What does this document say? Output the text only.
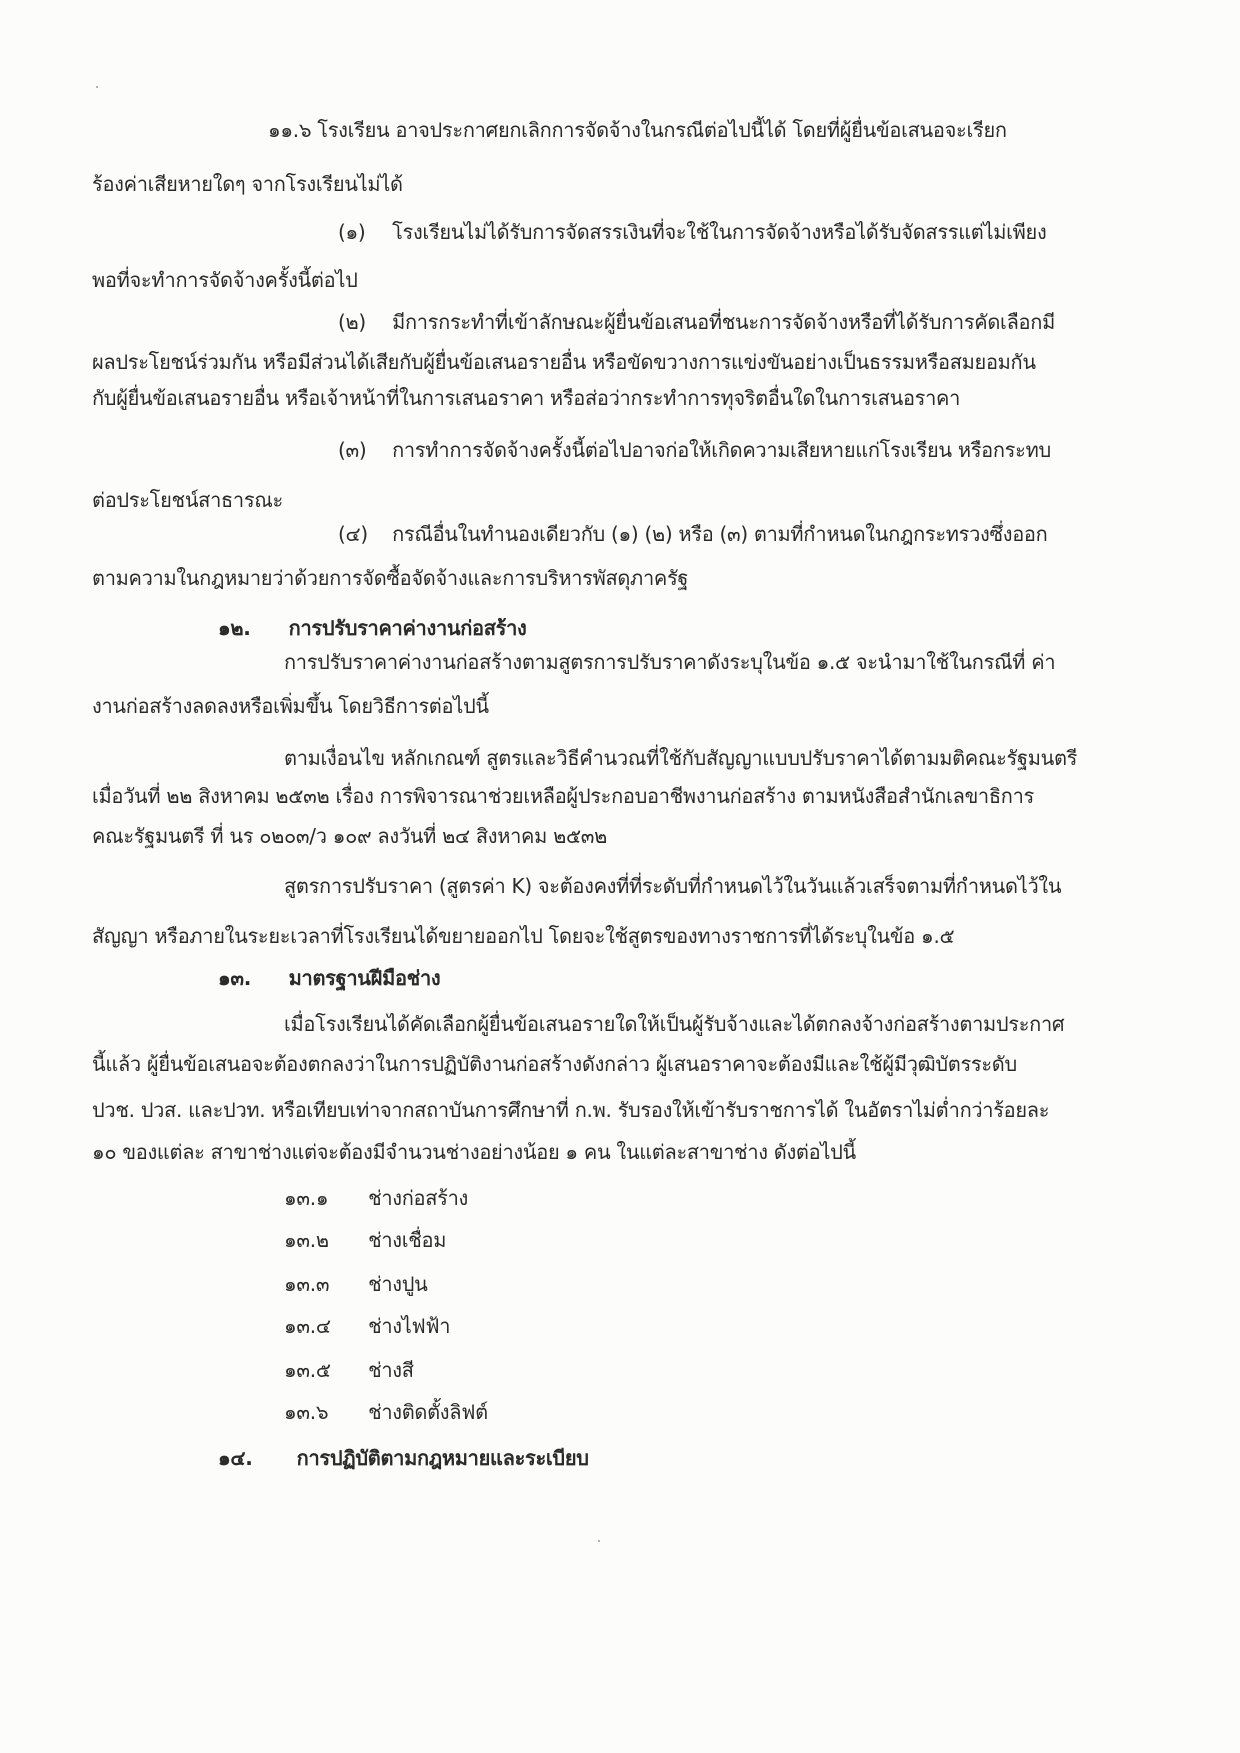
๑๑.๖ โรงเรียน อาจประกาศยกเลิกการจัดจ้างในกรณีต่อไปนี้ได้ โดยที่ผู้ยื่นข้อเสนอจะเรียก
ร้องค่าเสียหายใดๆ จากโรงเรียนไม่ได้
(๑) โรงเรียนไม่ได้รับการจัดสรรเงินที่จะใช้ในการจัดจ้างหรือได้รับจัดสรรแต่ไม่เพียง
พอที่จะทำการจัดจ้างครั้งนี้ต่อไป
(๒) มีการกระทำที่เข้าลักษณะผู้ยื่นข้อเสนอที่ชนะการจัดจ้างหรือที่ได้รับการคัดเลือกมี
ผลประโยชน์ร่วมกัน หรือมีส่วนได้เสียกับผู้ยื่นข้อเสนอรายอื่น หรือขัดขวางการแข่งขันอย่างเป็นธรรมหรือสมยอมกัน
กับผู้ยื่นข้อเสนอรายอื่น หรือเจ้าหน้าที่ในการเสนอราคา หรือส่อว่ากระทำการทุจริตอื่นใดในการเสนอราคา
(๓) การทำการจัดจ้างครั้งนี้ต่อไปอาจก่อให้เกิดความเสียหายแก่โรงเรียน หรือกระทบ
ต่อประโยชน์สาธารณะ
(๔) กรณีอื่นในทำนองเดียวกับ (๑) (๒) หรือ (๓) ตามที่กำหนดในกฎกระทรวงซึ่งออก
ตามความในกฎหมายว่าด้วยการจัดซื้อจัดจ้างและการบริหารพัสดุภาครัฐ
๑๒. การปรับราคาค่างานก่อสร้าง
การปรับราคาค่างานก่อสร้างตามสูตรการปรับราคาดังระบุในข้อ ๑.๕ จะนำมาใช้ในกรณีที่ ค่า
งานก่อสร้างลดลงหรือเพิ่มขึ้น โดยวิธีการต่อไปนี้
ตามเงื่อนไข หลักเกณฑ์ สูตรและวิธีคำนวณที่ใช้กับสัญญาแบบปรับราคาได้ตามมติคณะรัฐมนตรี
เมื่อวันที่ ๒๒ สิงหาคม ๒๕๓๒ เรื่อง การพิจารณาช่วยเหลือผู้ประกอบอาชีพงานก่อสร้าง ตามหนังสือสำนักเลขาธิการ
คณะรัฐมนตรี ที่ นร ๐๒๐๓/ว ๑๐๙ ลงวันที่ ๒๔ สิงหาคม ๒๕๓๒
สูตรการปรับราคา (สูตรค่า K) จะต้องคงที่ที่ระดับที่กำหนดไว้ในวันแล้วเสร็จตามที่กำหนดไว้ใน
สัญญา หรือภายในระยะเวลาที่โรงเรียนได้ขยายออกไป โดยจะใช้สูตรของทางราชการที่ได้ระบุในข้อ ๑.๕
๑๓. มาตรฐานฝีมือช่าง
เมื่อโรงเรียนได้คัดเลือกผู้ยื่นข้อเสนอรายใดให้เป็นผู้รับจ้างและได้ตกลงจ้างก่อสร้างตามประกาศ
นี้แล้ว ผู้ยื่นข้อเสนอจะต้องตกลงว่าในการปฏิบัติงานก่อสร้างดังกล่าว ผู้เสนอราคาจะต้องมีและใช้ผู้มีวุฒิบัตรระดับ
ปวช. ปวส. และปวท. หรือเทียบเท่าจากสถาบันการศึกษาที่ ก.พ. รับรองให้เข้ารับราชการได้ ในอัตราไม่ต่ำกว่าร้อยละ
๑๐ ของแต่ละ สาขาช่างแต่จะต้องมีจำนวนช่างอย่างน้อย ๑ คน ในแต่ละสาขาช่าง ดังต่อไปนี้
๑๓.๑ ช่างก่อสร้าง
๑๓.๒ ช่างเชื่อม
๑๓.๓ ช่างปูน
๑๓.๔ ช่างไฟฟ้า
๑๓.๕ ช่างสี
๑๓.๖ ช่างติดตั้งลิฟต์
๑๔. การปฏิบัติตามกฎหมายและระเบียบ
